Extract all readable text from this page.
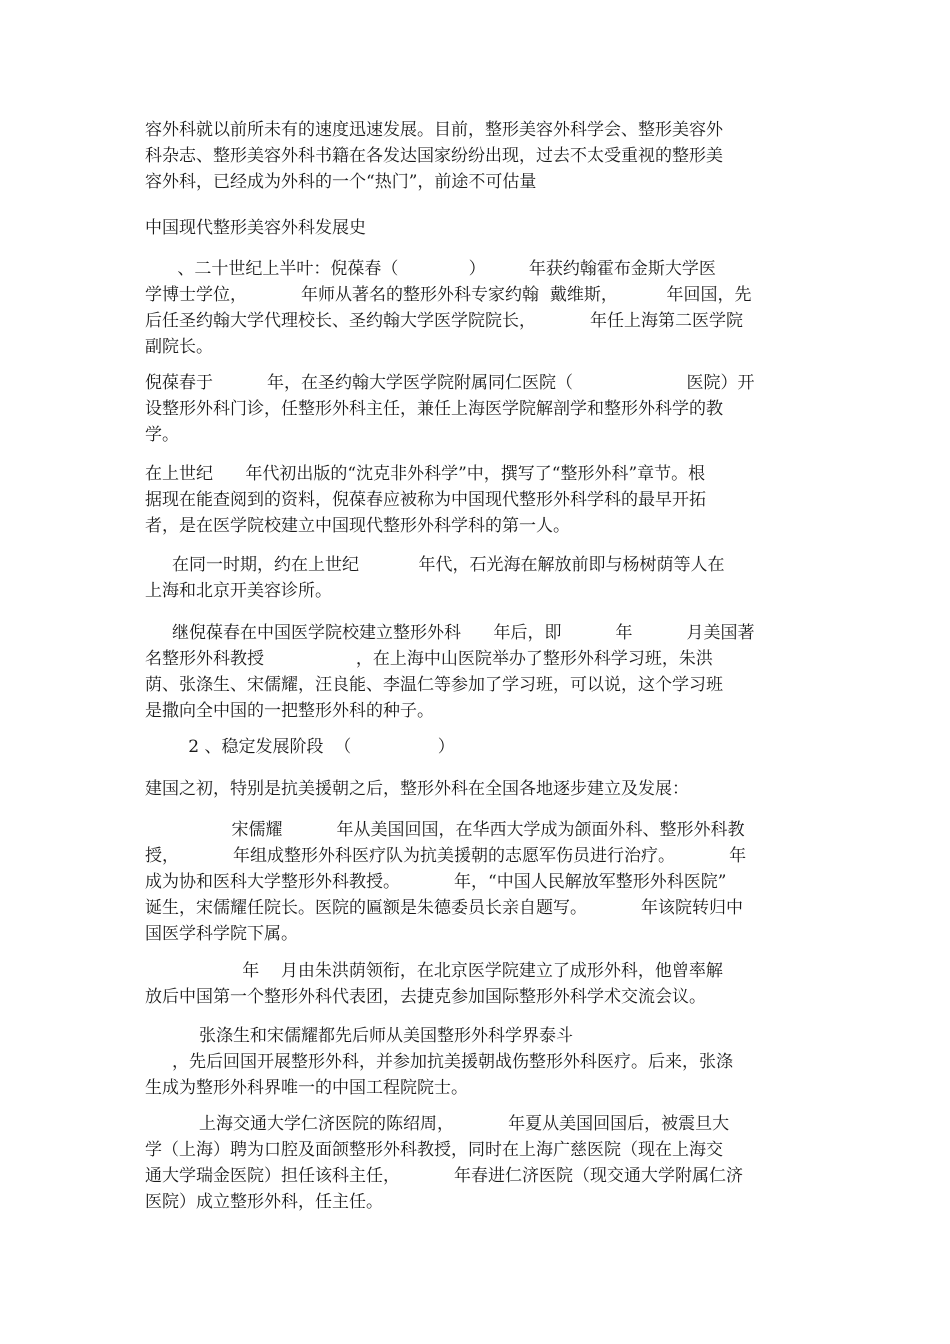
容外科就以前所未有的速度迅速发展。目前，整形美容外科学会、整形美容外
科杂志、整形美容外科书籍在各发达国家纷纷出现，过去不太受重视的整形美
容外科，已经成为外科的一个“热门”，前途不可估量
中国现代整形美容外科发展史
、二十世纪上半叶：倪葆春（             ）        年获约翰霍布金斯大学医
学博士学位，          年师从著名的整形外科专家约翰  戴维斯，         年回国，先
后任圣约翰大学代理校长、圣约翰大学医学院院长，          年任上海第二医学院
副院长。
倪葆春于          年，在圣约翰大学医学院附属同仁医院（                     医院）开
设整形外科门诊，任整形外科主任，兼任上海医学院解剖学和整形外科学的教
学。
在上世纪      年代初出版的“沈克非外科学”中，撰写了“整形外科”章节。根
据现在能查阅到的资料，倪葆春应被称为中国现代整形外科学科的最早开拓
者，是在医学院校建立中国现代整形外科学科的第一人。
在同一时期，约在上世纪           年代，石光海在解放前即与杨树荫等人在
上海和北京开美容诊所。
继倪葆春在中国医学院校建立整形外科      年后，即          年          月美国著
名整形外科教授                 ，在上海中山医院举办了整形外科学习班，朱洪
荫、张涤生、宋儒耀，汪良能、李温仁等参加了学习班，可以说，这个学习班
是撒向全中国的一把整形外科的种子。
2 、稳定发展阶段  （                ）
建国之初，特别是抗美援朝之后，整形外科在全国各地逐步建立及发展：
宋儒耀          年从美国回国，在华西大学成为颌面外科、整形外科教
授，          年组成整形外科医疗队为抗美援朝的志愿军伤员进行治疗。          年
成为协和医科大学整形外科教授。          年，“中国人民解放军整形外科医院”
诞生，宋儒耀任院长。医院的匾额是朱德委员长亲自题写。          年该院转归中
国医学科学院下属。
年    月由朱洪荫领衔，在北京医学院建立了成形外科，他曾率解
放后中国第一个整形外科代表团，去捷克参加国际整形外科学术交流会议。
张涤生和宋儒耀都先后师从美国整形外科学界泰斗
，先后回国开展整形外科，并参加抗美援朝战伤整形外科医疗。后来，张涤
生成为整形外科界唯一的中国工程院院士。
上海交通大学仁济医院的陈绍周，          年夏从美国回国后，被震旦大
学（上海）聘为口腔及面颌整形外科教授，同时在上海广慈医院（现在上海交
通大学瑞金医院）担任该科主任，          年春进仁济医院（现交通大学附属仁济
医院）成立整形外科，任主任。
